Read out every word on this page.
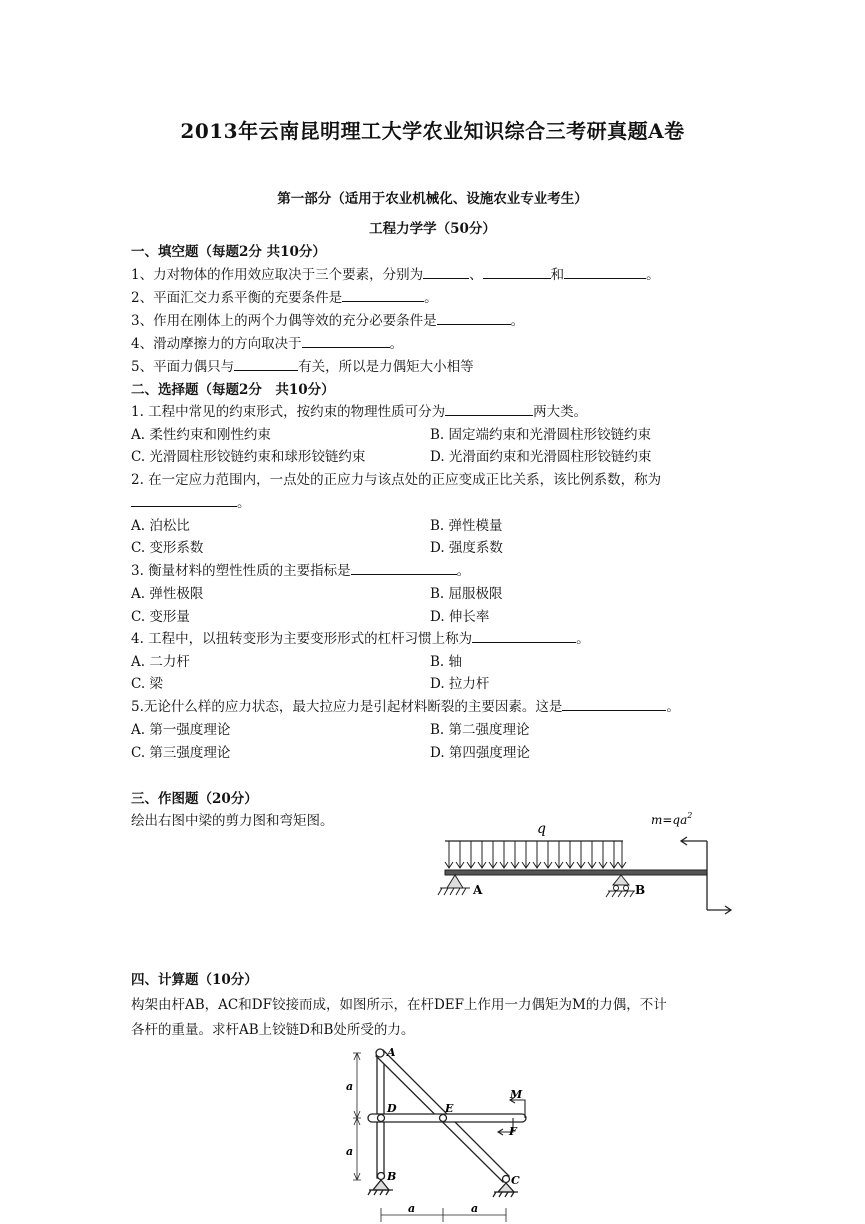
2013年云南昆明理工大学农业知识综合三考研真题A卷
第一部分（适用于农业机械化、设施农业专业考生）
工程力学学（50分）
一、填空题（每题2分 共10分）
1、力对物体的作用效应取决于三个要素，分别为	、	和	。
2、平面汇交力系平衡的充要条件是	。
3、作用在刚体上的两个力偶等效的充分必要条件是	。
4、滑动摩擦力的方向取决于	。
5、平面力偶只与	有关，所以是力偶矩大小相等
二、选择题（每题2分　共10分）
1. 工程中常见的约束形式，按约束的物理性质可分为	两大类。
A. 柔性约束和刚性约束	B. 固定端约束和光滑圆柱形铰链约束
C. 光滑圆柱形铰链约束和球形铰链约束	D. 光滑面约束和光滑圆柱形铰链约束
2. 在一定应力范围内，一点处的正应力与该点处的正应变成正比关系，该比例系数，称为
。
A. 泊松比	B. 弹性模量
C. 变形系数	D. 强度系数
3. 衡量材料的塑性性质的主要指标是	。
A. 弹性极限	B. 屈服极限
C. 变形量	D. 伸长率
4. 工程中，以扭转变形为主要变形形式的杠杆习惯上称为	。
A. 二力杆	B. 轴
C. 梁	D. 拉力杆
5.无论什么样的应力状态，最大拉应力是引起材料断裂的主要因素。这是	。
A. 第一强度理论	B. 第二强度理论
C. 第三强度理论	D. 第四强度理论
三、作图题（20分）
绘出右图中梁的剪力图和弯矩图。	q
$m=qa^2$
A	B
四、计算题（10分）
构架由杆AB，AC和DF铰接而成，如图所示，在杆DEF上作用一力偶矩为M的力偶，不计
各杆的重量。求杆AB上铰链D和B处所受的力。
A
D	E
B	C
F
M
a
a
a	a
